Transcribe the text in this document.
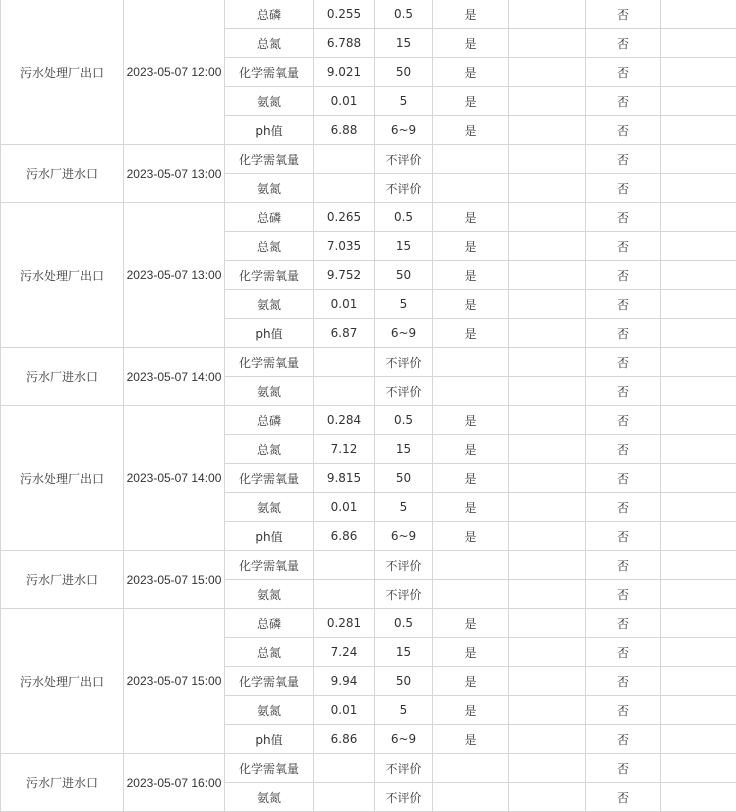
污水处理厂出口	2023-05-07 12:00	总磷	0.255	0.5	是		否	
		总氮	6.788	15	是		否	
		化学需氧量	9.021	50	是		否	
		氨氮	0.01	5	是		否	
		ph值	6.88	6~9	是		否	
污水厂进水口	2023-05-07 13:00	化学需氧量		不评价			否	
		氨氮		不评价			否	
污水处理厂出口	2023-05-07 13:00	总磷	0.265	0.5	是		否	
		总氮	7.035	15	是		否	
		化学需氧量	9.752	50	是		否	
		氨氮	0.01	5	是		否	
		ph值	6.87	6~9	是		否	
污水厂进水口	2023-05-07 14:00	化学需氧量		不评价			否	
		氨氮		不评价			否	
污水处理厂出口	2023-05-07 14:00	总磷	0.284	0.5	是		否	
		总氮	7.12	15	是		否	
		化学需氧量	9.815	50	是		否	
		氨氮	0.01	5	是		否	
		ph值	6.86	6~9	是		否	
污水厂进水口	2023-05-07 15:00	化学需氧量		不评价			否	
		氨氮		不评价			否	
污水处理厂出口	2023-05-07 15:00	总磷	0.281	0.5	是		否	
		总氮	7.24	15	是		否	
		化学需氧量	9.94	50	是		否	
		氨氮	0.01	5	是		否	
		ph值	6.86	6~9	是		否	
污水厂进水口	2023-05-07 16:00	化学需氧量		不评价			否	
		氨氮		不评价			否	
